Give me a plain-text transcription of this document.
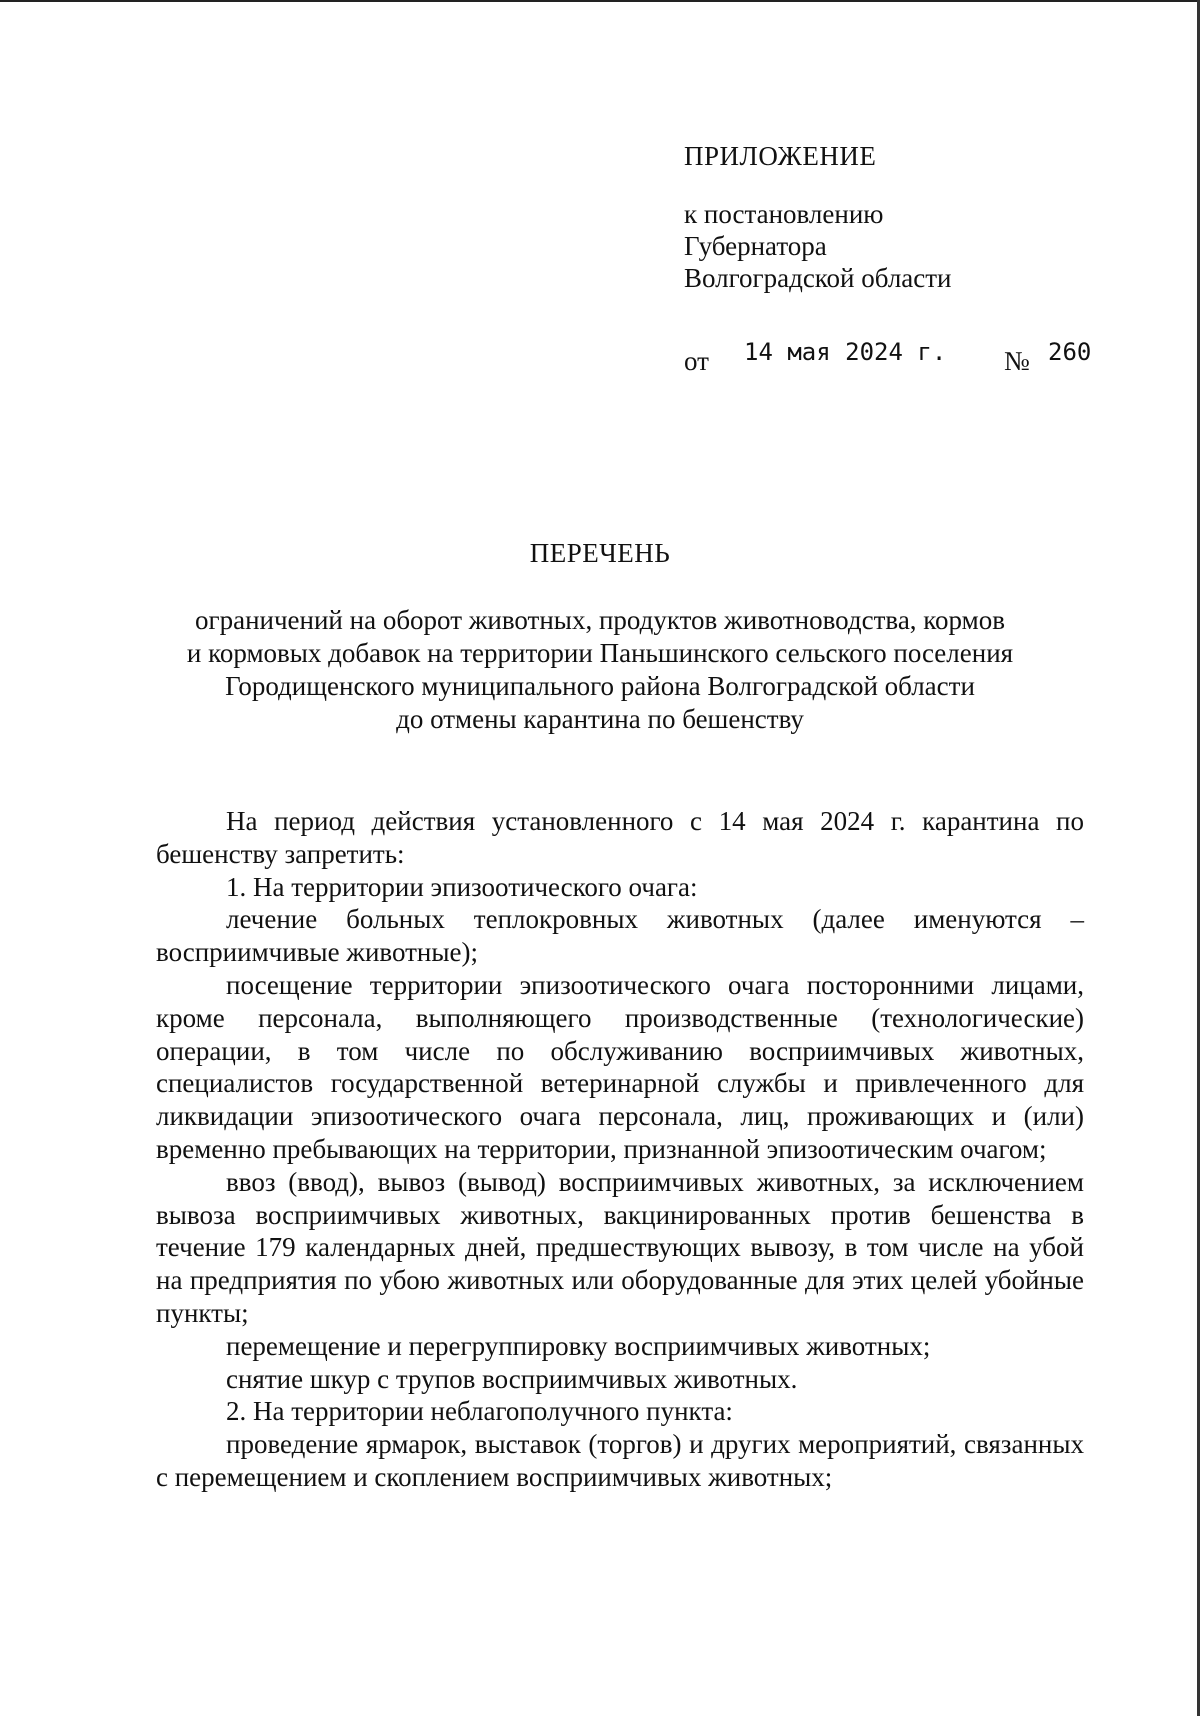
ПРИЛОЖЕНИЕ
к постановлению
Губернатора
Волгоградской области
от 14 мая 2024 г. № 260
ПЕРЕЧЕНЬ
ограничений на оборот животных, продуктов животноводства, кормов
и кормовых добавок на территории Паньшинского сельского поселения
Городищенского муниципального района Волгоградской области
до отмены карантина по бешенству

На период действия установленного с 14 мая 2024 г. карантина по бешенству запретить:

1. На территории эпизоотического очага:

лечение больных теплокровных животных (далее именуются – восприимчивые животные);

посещение территории эпизоотического очага посторонними лицами, кроме персонала, выполняющего производственные (технологические) операции, в том числе по обслуживанию восприимчивых животных, специалистов государственной ветеринарной службы и привлеченного для ликвидации эпизоотического очага персонала, лиц, проживающих и (или) временно пребывающих на территории, признанной эпизоотическим очагом;

ввоз (ввод), вывоз (вывод) восприимчивых животных, за исключением вывоза восприимчивых животных, вакцинированных против бешенства в течение 179 календарных дней, предшествующих вывозу, в том числе на убой на предприятия по убою животных или оборудованные для этих целей убойные пункты;

перемещение и перегруппировку восприимчивых животных;

снятие шкур с трупов восприимчивых животных.

2. На территории неблагополучного пункта:

проведение ярмарок, выставок (торгов) и других мероприятий, связанных с перемещением и скоплением восприимчивых животных;
